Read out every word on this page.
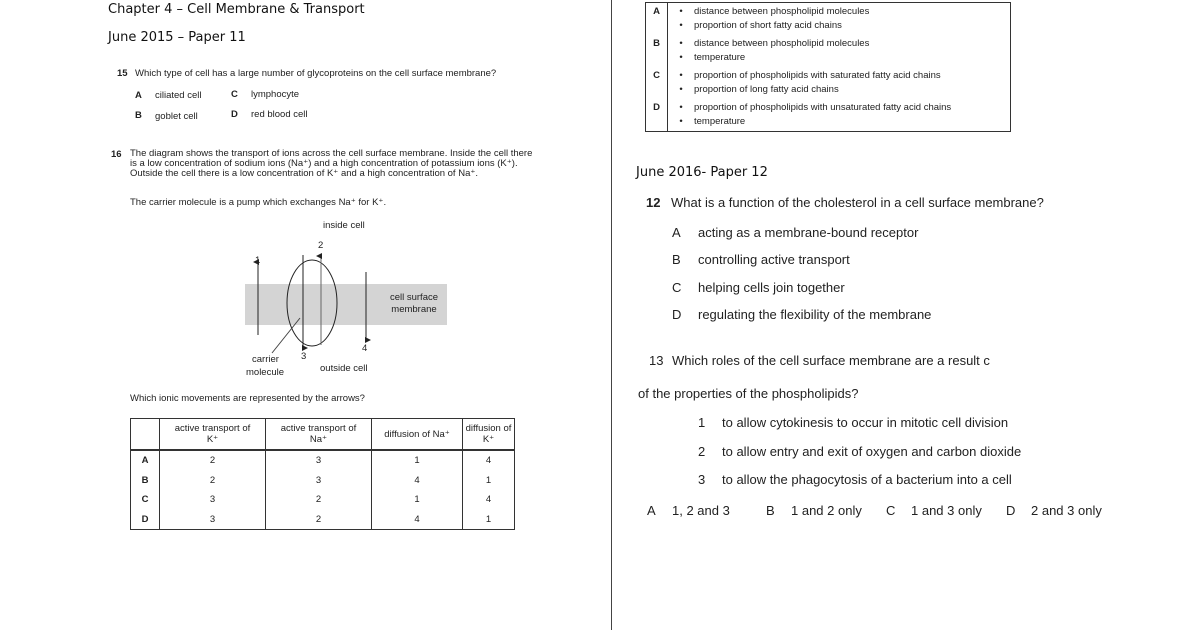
Chapter 4 – Cell Membrane & Transport
June 2015 – Paper 11
15 Which type of cell has a large number of glycoproteins on the cell surface membrane?
A ciliated cell	C lymphocyte
B goblet cell	D red blood cell
16 The diagram shows the transport of ions across the cell surface membrane. Inside the cell there
is a low concentration of sodium ions (Na⁺) and a high concentration of potassium ions (K⁺).
Outside the cell there is a low concentration of K⁺ and a high concentration of Na⁺.
The carrier molecule is a pump which exchanges Na⁺ for K⁺.
inside cell
2
1
3
4
cell surface membrane
carrier
molecule	outside cell
Which ionic movements are represented by the arrows?
	active transport of K⁺	active transport of Na⁺	diffusion of Na⁺	diffusion of K⁺
A	2	3	1	4
B	2	3	4	1
C	3	2	1	4
D	3	2	4	1
A	• distance between phospholipid molecules
• proportion of short fatty acid chains

B	• distance between phospholipid molecules
• temperature

C	• proportion of phospholipids with saturated fatty acid chains
• proportion of long fatty acid chains

D	• proportion of phospholipids with unsaturated fatty acid chains
• temperature
June 2016- Paper 12
12 What is a function of the cholesterol in a cell surface membrane?
A acting as a membrane-bound receptor
B controlling active transport
C helping cells join together
D regulating the flexibility of the membrane
13 Which roles of the cell surface membrane are a result c
of the properties of the phospholipids?
1 to allow cytokinesis to occur in mitotic cell division
2 to allow entry and exit of oxygen and carbon dioxide
3 to allow the phagocytosis of a bacterium into a cell
A 1, 2 and 3	B 1 and 2 only C 1 and 3 only D 2 and 3 only
